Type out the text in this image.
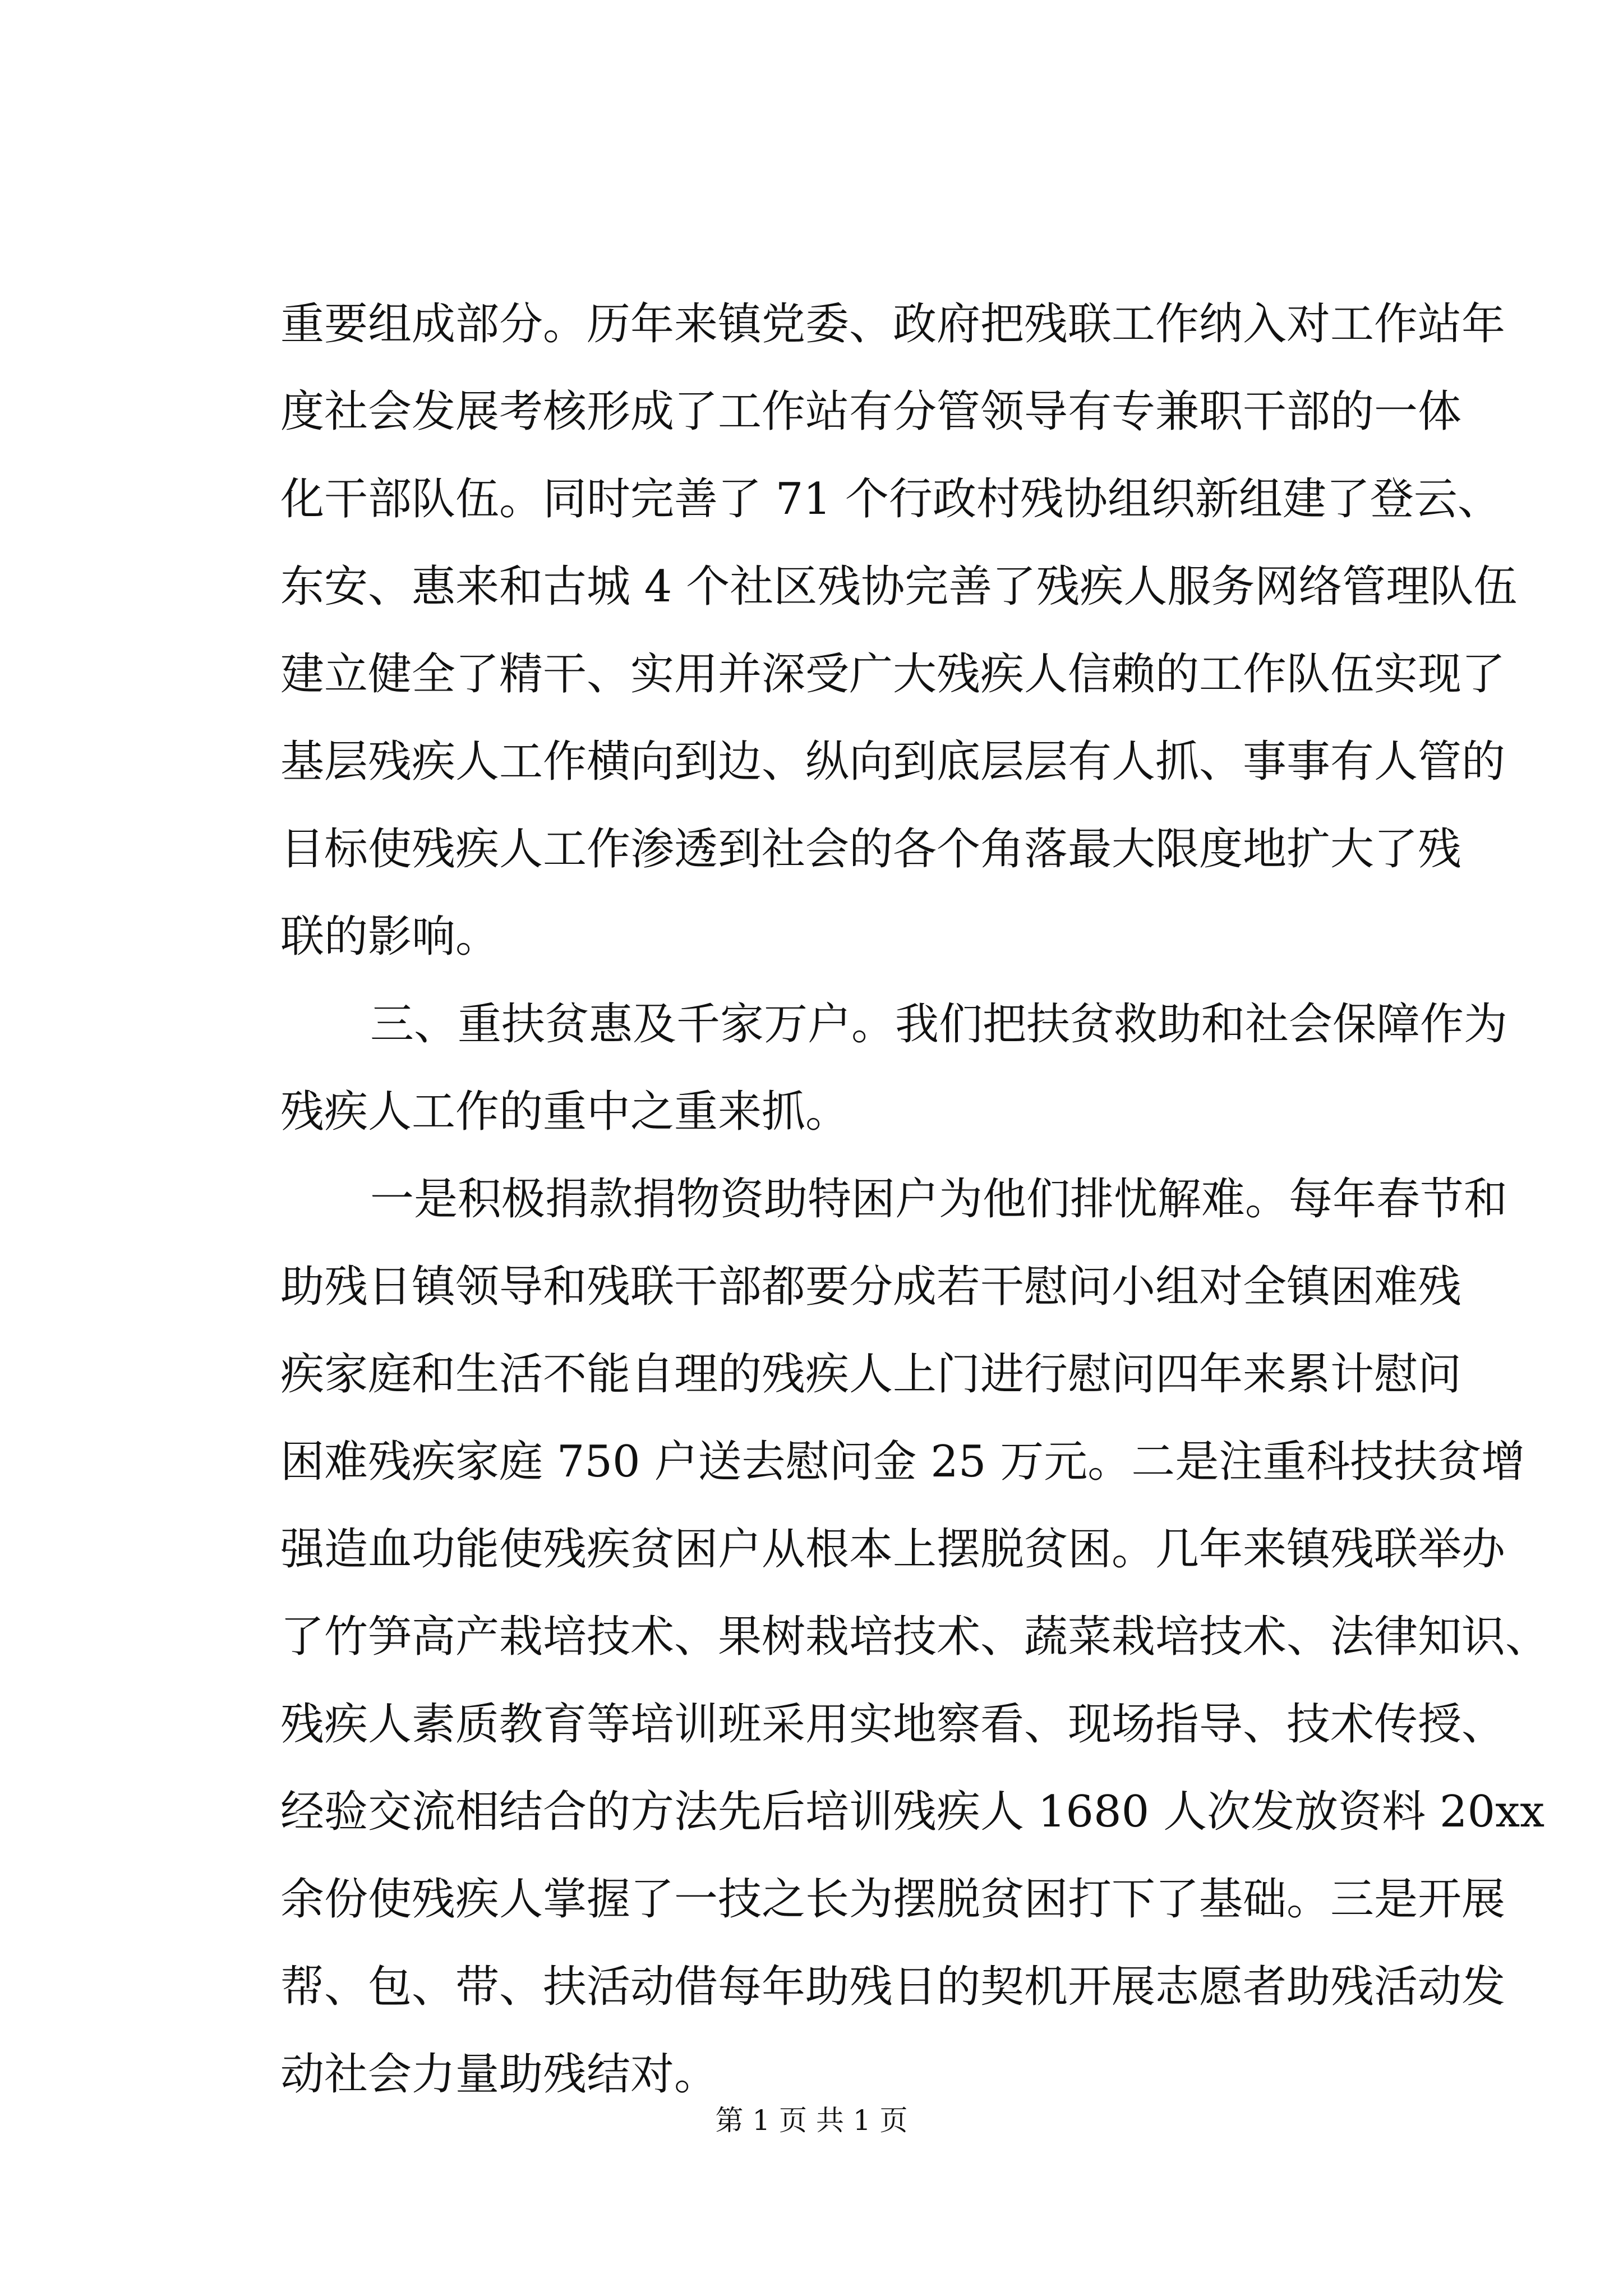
重要组成部分。历年来镇党委、政府把残联工作纳入对工作站年
度社会发展考核形成了工作站有分管领导有专兼职干部的一体
化干部队伍。同时完善了 71 个行政村残协组织新组建了登云、
东安、惠来和古城 4 个社区残协完善了残疾人服务网络管理队伍
建立健全了精干、实用并深受广大残疾人信赖的工作队伍实现了
基层残疾人工作横向到边、纵向到底层层有人抓、事事有人管的
目标使残疾人工作渗透到社会的各个角落最大限度地扩大了残
联的影响。
三、重扶贫惠及千家万户。我们把扶贫救助和社会保障作为
残疾人工作的重中之重来抓。
一是积极捐款捐物资助特困户为他们排忧解难。每年春节和
助残日镇领导和残联干部都要分成若干慰问小组对全镇困难残
疾家庭和生活不能自理的残疾人上门进行慰问四年来累计慰问
困难残疾家庭 750 户送去慰问金 25 万元。二是注重科技扶贫增
强造血功能使残疾贫困户从根本上摆脱贫困。几年来镇残联举办
了竹笋高产栽培技术、果树栽培技术、蔬菜栽培技术、法律知识、
残疾人素质教育等培训班采用实地察看、现场指导、技术传授、
经验交流相结合的方法先后培训残疾人 1680 人次发放资料 20xx
余份使残疾人掌握了一技之长为摆脱贫困打下了基础。三是开展
帮、包、带、扶活动借每年助残日的契机开展志愿者助残活动发
动社会力量助残结对。
第 1 页 共 1 页
